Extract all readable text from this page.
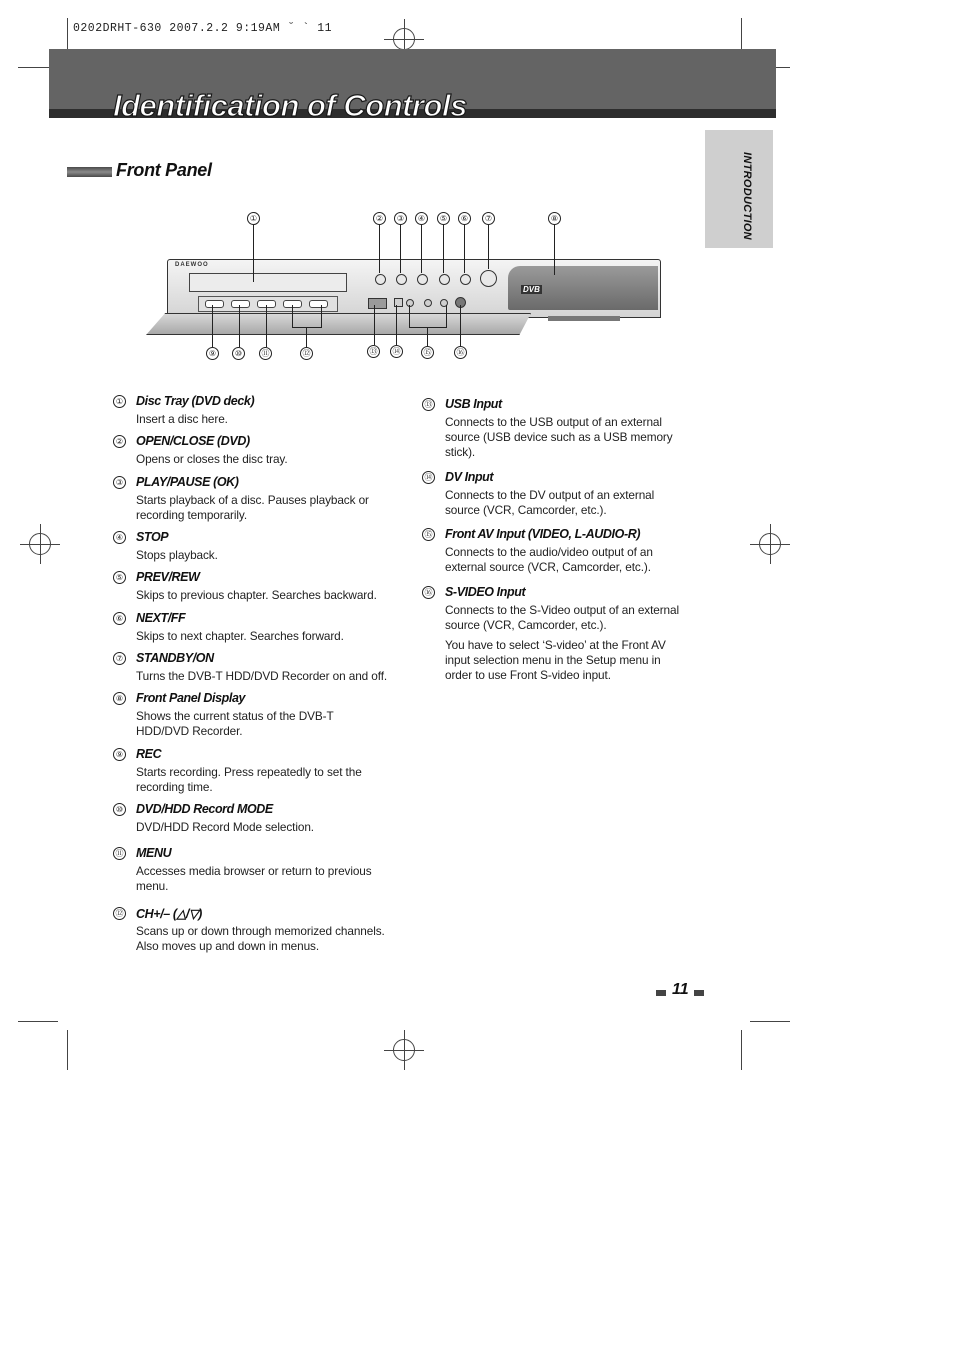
0202DRHT-630 2007.2.2 9:19AM ˘ ` 11
Identification of Controls
INTRODUCTION
Front Panel
DAEWOO
DVB
①	②	③	④	⑤	⑥	⑦	⑧
⑨	⑩	⑪	⑫	⑬	⑭	⑮	⑯
① Disc Tray (DVD deck)
Insert a disc here.
② OPEN/CLOSE (DVD)
Opens or closes the disc tray.
③ PLAY/PAUSE (OK)
Starts playback of a disc. Pauses playback or recording temporarily.
④ STOP
Stops playback.
⑤ PREV/REW
Skips to previous chapter. Searches backward.
⑥ NEXT/FF
Skips to next chapter. Searches forward.
⑦ STANDBY/ON
Turns the DVB-T HDD/DVD Recorder on and off.
⑧ Front Panel Display
Shows the current status of the DVB-T HDD/DVD Recorder.
⑨ REC
Starts recording. Press repeatedly to set the recording time.
⑩ DVD/HDD Record MODE
DVD/HDD Record Mode selection.
⑪ MENU
Accesses media browser or return to previous menu.
⑫ CH+/– (△/▽)
Scans up or down through memorized channels. Also moves up and down in menus.
⑬ USB Input
Connects to the USB output of an external source (USB device such as a USB memory stick).
⑭ DV Input
Connects to the DV output of an external source (VCR, Camcorder, etc.).
⑮ Front AV Input (VIDEO, L-AUDIO-R)
Connects to the audio/video output of an external source (VCR, Camcorder, etc.).
⑯ S-VIDEO Input
Connects to the S-Video output of an external source (VCR, Camcorder, etc.).
You have to select ‘S-video’ at the Front AV input selection menu in the Setup menu in order to use Front S-video input.
11
